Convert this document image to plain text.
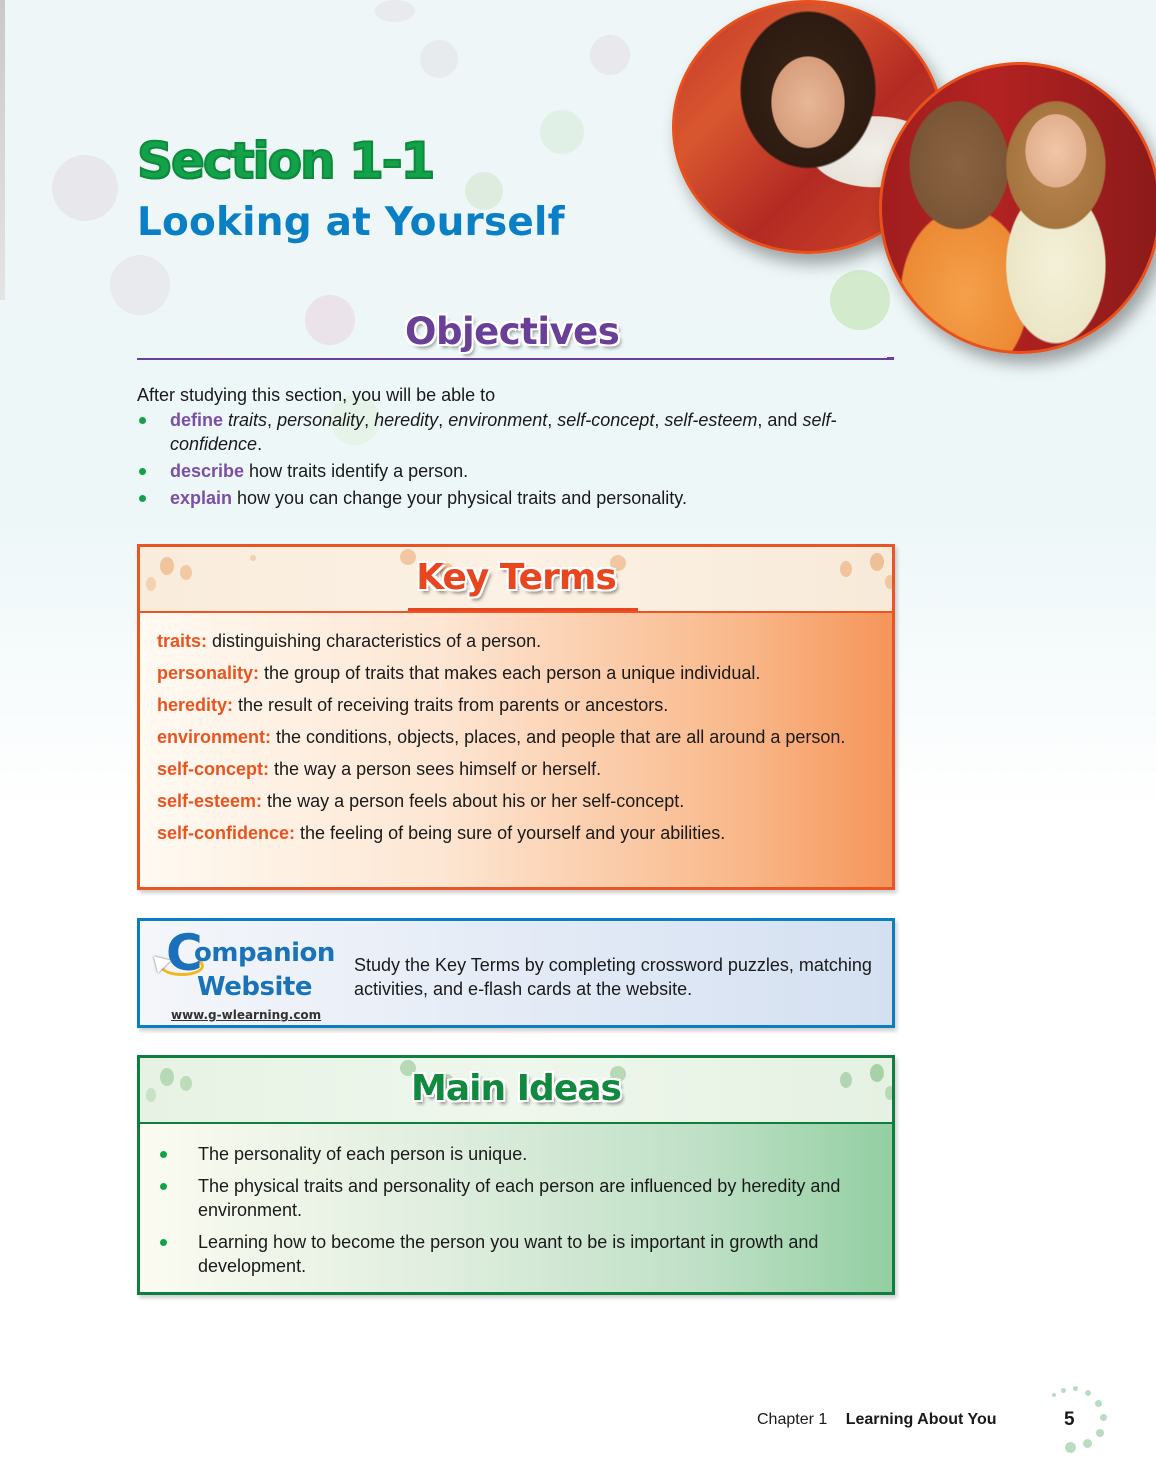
Section 1-1
Looking at Yourself
Objectives

After studying this section, you will be able to

define traits, personality, heredity, environment, self-concept, self-esteem, and self-confidence.
describe how traits identify a person.
explain how you can change your physical traits and personality.
Key Terms

traits: distinguishing characteristics of a person.

personality: the group of traits that makes each person a unique individual.

heredity: the result of receiving traits from parents or ancestors.

environment: the conditions, objects, places, and people that are all around a person.

self-concept: the way a person sees himself or herself.

self-esteem: the way a person feels about his or her self-concept.

self-confidence: the feeling of being sure of yourself and your abilities.

C
ompanion
Website
www.g-wlearning.com

Study the Key Terms by completing crossword puzzles, matching activities, and e-flash cards at the website.

Main Ideas
The personality of each person is unique.
The physical traits and personality of each person are influenced by heredity and environment.
Learning how to become the person you want to be is important in growth and development.
Chapter 1 Learning About You	5
